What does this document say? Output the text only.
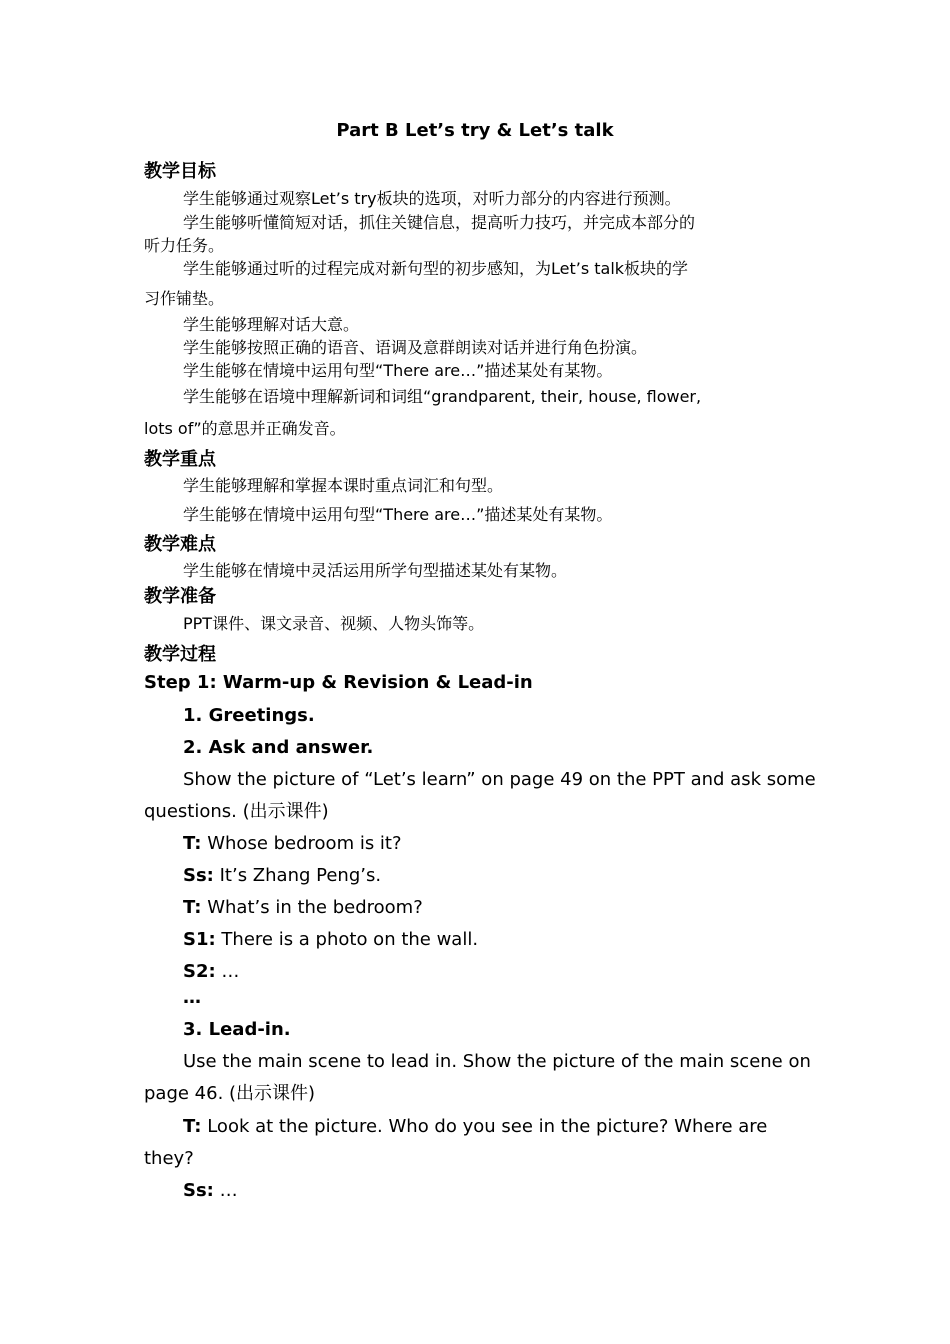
Part B Let’s try & Let’s talk
教学目标
学生能够通过观察Let’s try板块的选项，对听力部分的内容进行预测。
学生能够听懂简短对话，抓住关键信息，提高听力技巧，并完成本部分的
听力任务。
学生能够通过听的过程完成对新句型的初步感知，为Let’s talk板块的学
习作铺垫。
学生能够理解对话大意。
学生能够按照正确的语音、语调及意群朗读对话并进行角色扮演。
学生能够在情境中运用句型“There are…”描述某处有某物。
学生能够在语境中理解新词和词组“grandparent, their, house, flower,
lots of”的意思并正确发音。
教学重点
学生能够理解和掌握本课时重点词汇和句型。
学生能够在情境中运用句型“There are…”描述某处有某物。
教学难点
学生能够在情境中灵活运用所学句型描述某处有某物。
教学准备
PPT课件、课文录音、视频、人物头饰等。
教学过程
Step 1: Warm-up & Revision & Lead-in
1. Greetings.
2. Ask and answer.
Show the picture of “Let’s learn” on page 49 on the PPT and ask some
questions. (出示课件)
T: Whose bedroom is it?
Ss: It’s Zhang Peng’s.
T: What’s in the bedroom?
S1: There is a photo on the wall.
S2: …
…
3. Lead-in.
Use the main scene to lead in. Show the picture of the main scene on
page 46. (出示课件)
T: Look at the picture. Who do you see in the picture? Where are
they?
Ss: …
